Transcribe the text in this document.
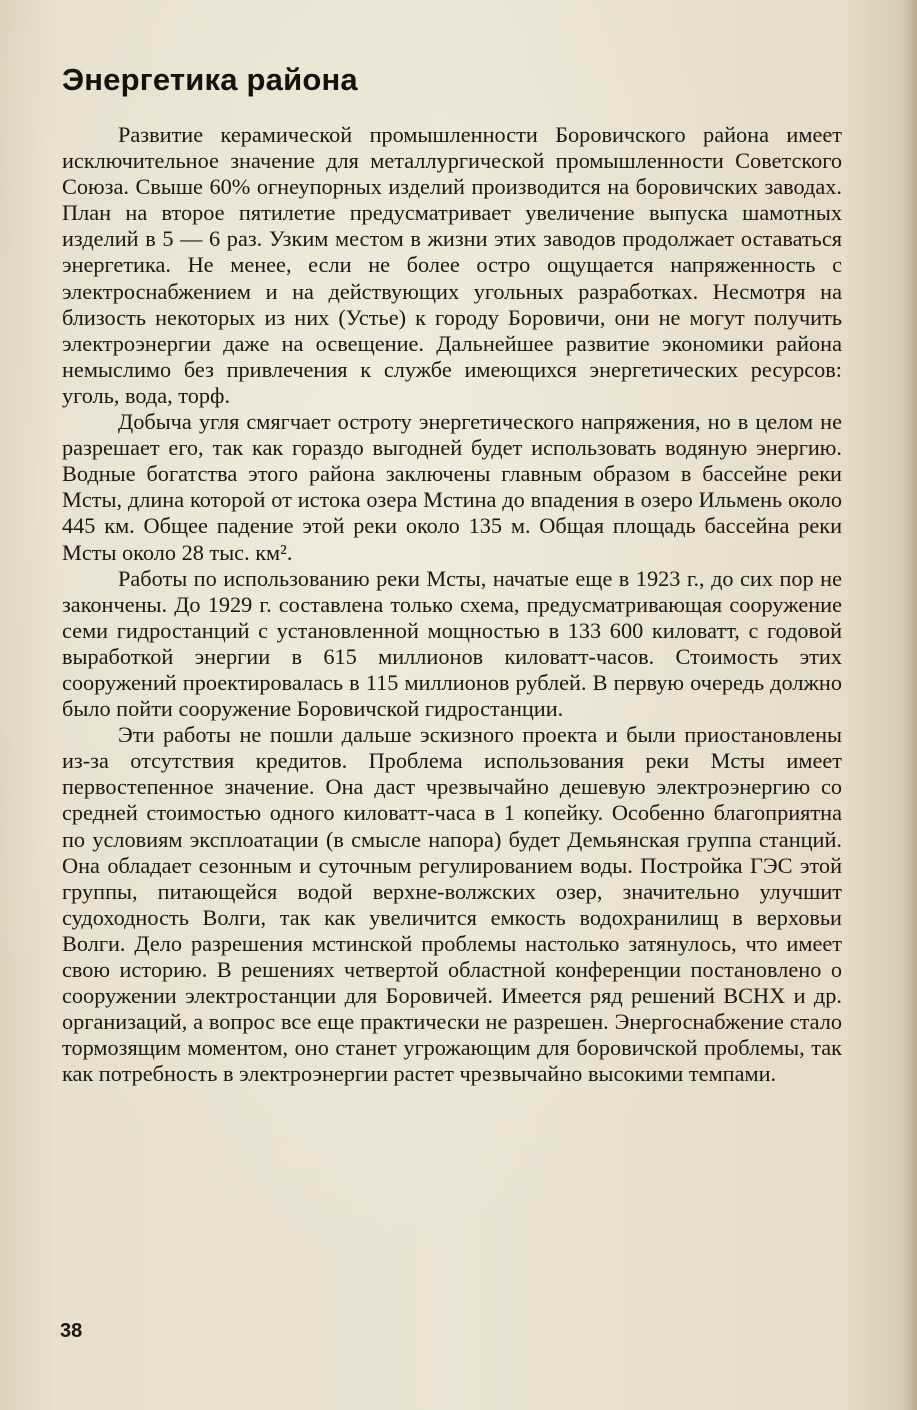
Энергетика района

Развитие керамической промышленности Боровичского района имеет исключительное значение для металлургической промышленности Советского Союза. Свыше 60% огнеупорных изделий производится на боровичских заводах. План на второе пятилетие предусматривает увеличение выпуска шамотных изделий в 5 — 6 раз. Узким местом в жизни этих заводов продолжает оставаться энергетика. Не менее, если не более остро ощущается напряженность с электроснабжением и на действующих угольных разработках. Несмотря на близость некоторых из них (Устье) к городу Боровичи, они не могут получить электроэнергии даже на освещение. Дальнейшее развитие экономики района немыслимо без привлечения к службе имеющихся энергетических ресурсов: уголь, вода, торф.

Добыча угля смягчает остроту энергетического напряжения, но в целом не разрешает его, так как гораздо выгодней будет использовать водяную энергию. Водные богатства этого района заключены главным образом в бассейне реки Мсты, длина которой от истока озера Мстина до впадения в озеро Ильмень около 445 км. Общее падение этой реки около 135 м. Общая площадь бассейна реки Мсты около 28 тыс. км².

Работы по использованию реки Мсты, начатые еще в 1923 г., до сих пор не закончены. До 1929 г. составлена только схема, предусматривающая сооружение семи гидростанций с установленной мощностью в 133 600 киловатт, с годовой выработкой энергии в 615 миллионов киловатт-часов. Стоимость этих сооружений проектировалась в 115 миллионов рублей. В первую очередь должно было пойти сооружение Боровичской гидростанции.

Эти работы не пошли дальше эскизного проекта и были приостановлены из-за отсутствия кредитов. Проблема использования реки Мсты имеет первостепенное значение. Она даст чрезвычайно дешевую электроэнергию со средней стоимостью одного киловатт-часа в 1 копейку. Особенно благоприятна по условиям эксплоатации (в смысле напора) будет Демьянская группа станций. Она обладает сезонным и суточным регулированием воды. Постройка ГЭС этой группы, питающейся водой верхне-волжских озер, значительно улучшит судоходность Волги, так как увеличится емкость водохранилищ в верховьи Волги. Дело разрешения мстинской проблемы настолько затянулось, что имеет свою историю. В решениях четвертой областной конференции постановлено о сооружении электростанции для Боровичей. Имеется ряд решений ВСНХ и др. организаций, а вопрос все еще практически не разрешен. Энергоснабжение стало тормозящим моментом, оно станет угрожающим для боровичской проблемы, так как потребность в электроэнергии растет чрезвычайно высокими темпами.

38
